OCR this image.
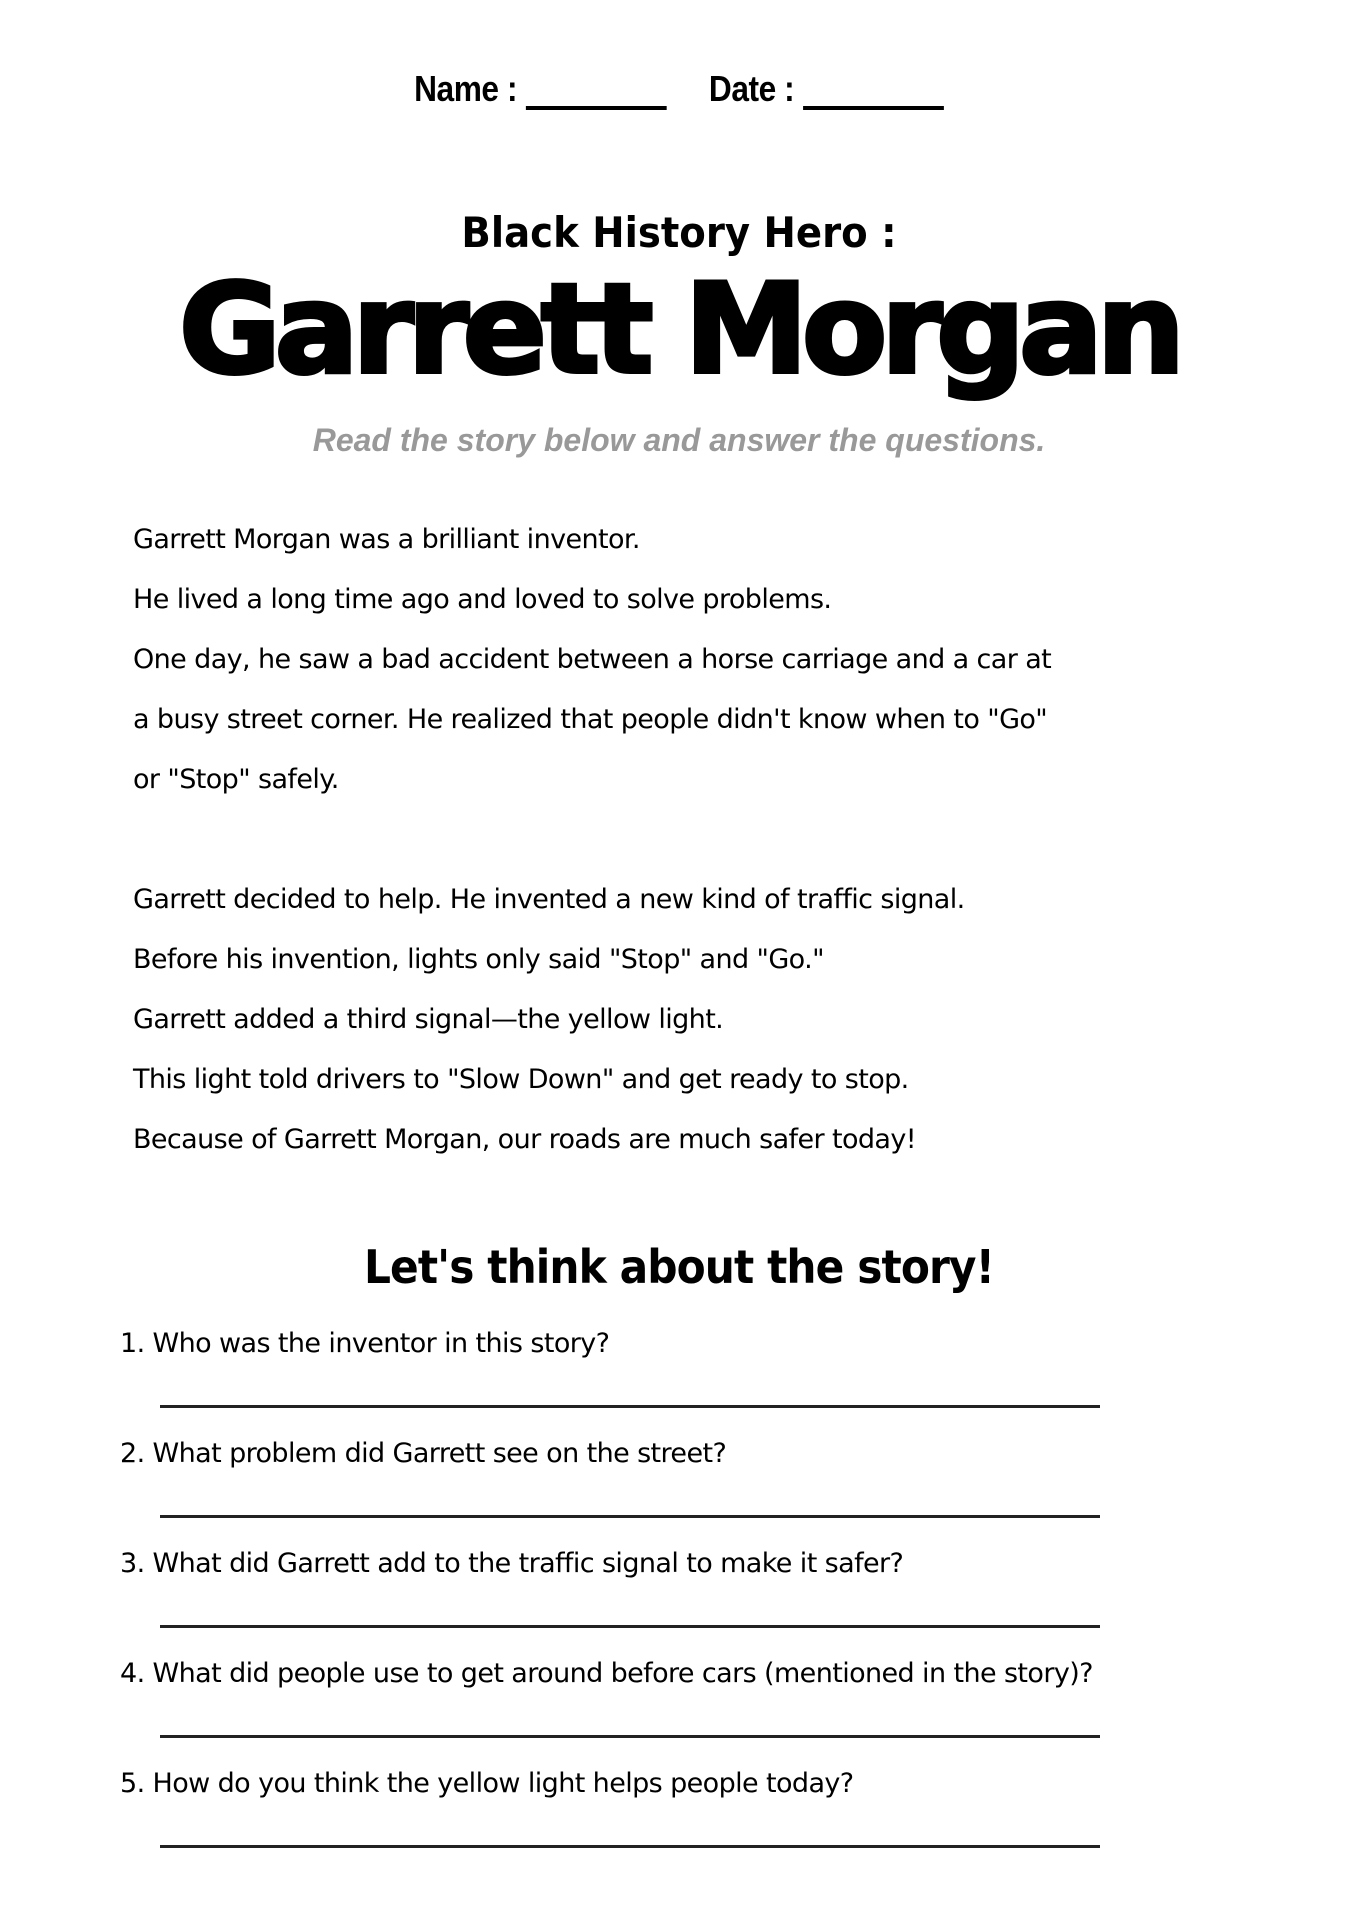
Name :	Date :
Black History Hero :
Garrett Morgan
Read the story below and answer the questions.

Garrett Morgan was a brilliant inventor.

He lived a long time ago and loved to solve problems.

One day, he saw a bad accident between a horse carriage and a car at

a busy street corner. He realized that people didn't know when to "Go"

or "Stop" safely.

Garrett decided to help. He invented a new kind of traffic signal.

Before his invention, lights only said "Stop" and "Go."

Garrett added a third signal—the yellow light.

This light told drivers to "Slow Down" and get ready to stop.

Because of Garrett Morgan, our roads are much safer today!

Let's think about the story!
1. Who was the inventor in this story?
2. What problem did Garrett see on the street?
3. What did Garrett add to the traffic signal to make it safer?
4. What did people use to get around before cars (mentioned in the story)?
5. How do you think the yellow light helps people today?
